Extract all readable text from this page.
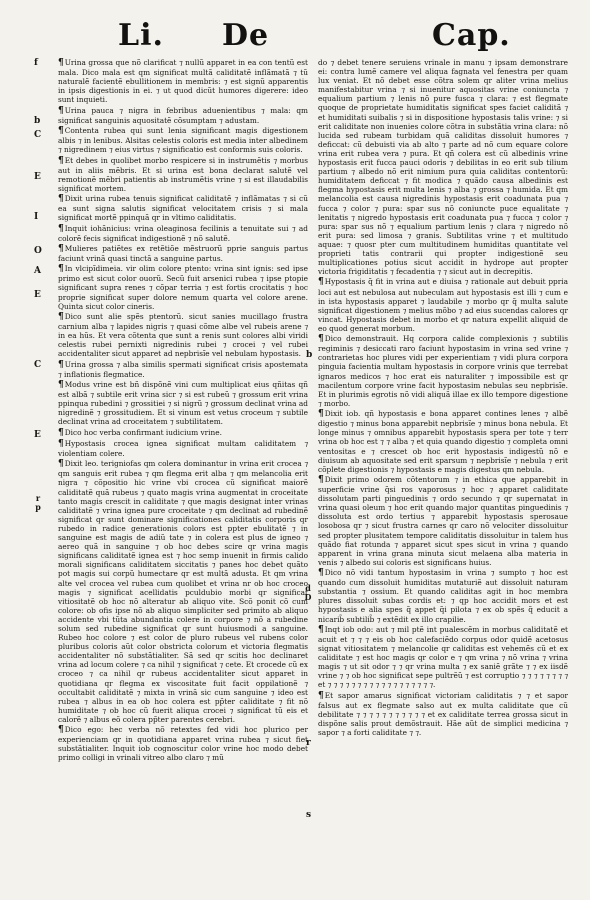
Li. De	Cap.
f
b
C
E
I
O
A
E
C
E
r
p
b
d
D
r
s

¶Urina grossa que nõ clarificat ⁊ nullũ apparet in ea con tentũ est mala. Dico mala est qm significat multã caliditatẽ inflãmatã ⁊ tũ naturalẽ facientẽ ebullitionem in membris: ⁊ est signũ apparentis in ipsis digestionis in ei. ⁊ ut quod dicũt humores digerere: ideo sunt inquieti.

¶Urina pauca ⁊ nigra in febribus aduenientibus ⁊ mala: qm significat sanguinis aquositatẽ cõsumptam ⁊ adustam.

¶Contenta rubea qui sunt lenia significant magis digestionem albis ⁊ in lenibus. Alsitas celestis coloris est media inter albedinem ⁊ nigredinem ⁊ eius virtus ⁊ significatio est conformis suis coloris.

¶Et debes in quolibet morbo respicere si in instrumẽtis ⁊ morbus aut in aliis mẽbris. Et si urina est bona declarat salutẽ vel remotionẽ mẽbri patientis ab instrumẽtis vrine ⁊ si est illaudabilis significat mortem.

¶Dixit urina rubea tenuis significat caliditatẽ ⁊ inflãmatas ⁊ si cũ ea sunt signa salutis significat velocitatem crisis ⁊ si mala significat mortẽ ppinquã qr in vltimo caliditatis.

¶Inquit iohãnicius: vrina oleaginosa fecilinis a tenuitate sui ⁊ ad colorẽ fecis significat indigestionẽ ⁊ nõ salutẽ.

¶Mulieres patiẽtes ex retẽtiõe mẽstruorũ pprie sanguis partus faciunt vrinã quasi tinctã a sanguine partus.

¶In vlcipĩdimeia. vir olim colore ptento: vrina sint ignis: sed ipse primo est sicut color ouorũ. Secũ fuit arsenici rubea ⁊ ipse ptopie significant supra renes ⁊ cõpar terria ⁊ est fortis crocitatis ⁊ hoc proprie significat super dolore nemum quarta vel colore arene. Quinta sicut color cineris.

¶Dico sunt alie spẽs ptentorũ. sicut sanies mucillago frustra carnium alba ⁊ lapides nigris ⁊ quasi cõme albe vel rubeis arene ⁊ in ea hũs. Et vera cõtenta que sunt a renis sunt colores albi viridi celestis rubei pernixti nigredinis rubei ⁊ crocei ⁊ vel rubei accidentaliter sicut apparet ad nepbrisĩe vel nebulam hypostasis.

¶Urina grossa ⁊ alba similis spermati significat crisis apostemata ⁊ inflationis flegmatice.

¶Modus vrine est bñ dispõnẽ vini cum multiplicat eius qñitas qñ est albã ⁊ subtile erit vrina sicr ⁊ si est rubeũ ⁊ grossum erit vrina ppinqua rubedini ⁊ grossitiei ⁊ si nigrũ ⁊ grossum declinat vrina ad nigredinẽ ⁊ grossitudiem. Et si vinum est vetus croceum ⁊ subtile declinat vrina ad croceitatem ⁊ subtilitatem.

¶Dico hoc verba confirmant iudicium vrine.

¶Hypostasis crocea ignea significat multam caliditatem ⁊ violentiam colere.

¶Dixit leo. terigniofas qm colera dominantur in vrina erit crocea ⁊ qm sanguis erit rubea ⁊ qm flegma erit alba ⁊ qm melancolia erit nigra ⁊ cõpositio hic vrine vbi crocea cũ significat maiorẽ caliditatẽ quã rubeus ⁊ quato magis vrina augmentat in croceitate tanto magis crescit in caliditate ⁊ que magis designat inter vrinas caliditatẽ ⁊ vrina ignea pure croceitate ⁊ qm declinat ad rubedinẽ significat qr sunt dominare significationes caliditatis corporis qr rubedo in radice generationis colors est ppter ebulitatẽ ⁊ in sanguine est magis de adiũ tate ⁊ in colera est plus de igneo ⁊ aereo quã in sanguine ⁊ ob hoc debes scire qr vrina magis significans caliditatẽ ignea est ⁊ hoc semp inuenit in firmis calido morali significans caliditatem siccitatis ⁊ panes hoc debet quãto pot magis sui corpũ humectare qr est multã adusta. Et qm vrina alte vel crocea vel rubea cum quolibet et vrina nr ob hoc croceo magis ⁊ significat acellidatis pculdubio morbi qr significat vitiositatẽ ob hoc nõ alteratur ab aliquo vite. Scõ ponit cõ cum colore: ob ofis ipse nõ ab aliquo simpliciter sed primito ab aliquo accidente vbi tũta abundantia colere in corpore ⁊ nõ a rubedine solum sed rubedine significat qr sunt huiusmodi a sanguine. Rubeo hoc colore ⁊ est color de pluro rubeus vel rubens color pluribus coloris aũt color obstricta colorum et victoria flegmatis accidentaliter nõ substãtialiter. Sã sed qr scitis hoc declinaret vrina ad locum colere ⁊ ca nihil ⁊ significat ⁊ cete. Et crocede cũ ex croceo ⁊ ca nihil qr rubeus accidentaliter sicut apparet in quotidiana qr flegma ex viscositate fuit facit oppilationẽ ⁊ occultabit caliditatẽ ⁊ mixta in vrinã sic cum sanguine ⁊ ideo est rubea ⁊ albus in ea ob hoc colera est pp̃ter caliditate ⁊ fit nõ humiditate ⁊ ob hoc cũ fuerit aliqua crocei ⁊ significat tũ eis et calorẽ ⁊ albus eõ colera pp̃ter parentes cerebri.

¶Dico ego: hec verba nõ retextes fed vidi hoc plurico per experienciam qr in quotidiana apparet vrina rubea ⁊ sicut fiet substãtialiter. Inquit iob cognoscitur color vrine hoc modo debet primo colligi in vrinali vitreo albo claro ⁊ mũ

do ⁊ debet tenere seruiens vrinale in manu ⁊ ipsam demonstrare ei: contra lumẽ camere vel aliqua fagnata vel fenestra per quam lux veniat. Et nõ debet esse cõtra solem qr aliter vrina melius manifestabitur vrina ⁊ si inuenitur aquositas vrine coniuncta ⁊ equalium partium ⁊ lenis nõ pure fusca ⁊ clara: ⁊ est flegmate quoque de proprietate humiditatis significat spes faciet caliditã ⁊ et humiditati suibalis ⁊ si in dispositione hypostasis talis vrine: ⁊ si erit caliditate non inuenies colore cõtra in substãtia vrina clara: nõ lucida sed rubeam turbidam quã caliditas dissoluit humores ⁊ deficcat: cũ debuisti via ab alto ⁊ parte ad nõ cum equare colore vrina erit rubea vera ⁊ pura. Et qñ colera est cũ albedinis vrine hypostasis erit fucca pauci odoris ⁊ debilitas in eo erit sub tilium partium ⁊ albedo nõ erit nimium pura quia caliditas contentorũ: humiditatem deficcat ⁊ fit modica ⁊ quãdo causa albedinis est flegma hypostasis erit multa lenis ⁊ alba ⁊ grossa ⁊ humida. Et qm melancolia est causa nigredinis hypostasis erit coadunata pua ⁊ fucca ⁊ color ⁊ pura: spar sus nõ coniuncte puce equalitate ⁊ lenitatis ⁊ nigredo hypostasis erit coadunata pua ⁊ fucca ⁊ color ⁊ pura: spar sus nõ ⁊ equalium partium lenis ⁊ clara ⁊ nigredo nõ erit pura: sed limosa ⁊ granis. Subtilitas vrine ⁊ et multitudo aquae: ⁊ quosr pter cum multitudinem humiditas quantitate vel proprieti tatis contrarii qui propter indigestionẽ seu multiplicationes potius sicut accidit in hydrope aut propter victoria frigiditatis ⁊ fecadentia ⁊ ⁊ sicut aut in decrepitis.

¶Hypostasis q̃ fit in vrina aut e diuisa ⁊ rationale aut debuit ppria loci aut est nebulosa aut nubeculam aut hypostasis est illi ⁊ cum e in ista hypostasis apparet ⁊ laudabile ⁊ morbo qr q̃ multa salute significat digestionem ⁊ melius mõbo ⁊ ad eius sucendas calores qr vincat. Hypostasis debet in morbo et qr natura expellit aliquid de eo quod generat morbum.

¶Dico demonstrauit. Hq corpora calide complexionis ⁊ subtilis regiminis ⁊ desiccati raro faciunt hypostasim in vrina sed vrine ⁊ contrarietas hoc plures vidi per experientiam ⁊ vidi plura corpora pinguia facientia multam hypostasis in corpore vrinis que terrebat ignaros medicos ⁊ hoc erat eis naturaliter ⁊ impossibile est qr macilentum corpore vrine facit hypostasim nebulas seu nepbrisĩe. Et in plurimis egrotis nõ vidi aliquã illae ex illo tempore digestione ⁊ morbo.

¶Dixit iob. qñ hypostasis e bona apparet contines lenes ⁊ albẽ digestio ⁊ minus bona apparebit nepbrisĩe ⁊ minus bona nebula. Et longe minus ⁊ omnibus apparebit hypostasis spera per tote ⁊ terr vrina ob hoc est ⁊ ⁊ alba ⁊ et quia quando digestio ⁊ completa omni ventositas e ⁊ crescet ob hoc erit hypostasis indigestũ nõ e diuisum ab aquositate sed erit sparsum ⁊ nepbrisĩe ⁊ nebula ⁊ erit cõplete digestionis ⁊ hypostasis e magis digestus qm nebula.

¶Dixit primo odorem cõtentorum ⁊ in ethica que apparebit in superficie vrine q̃si ros vaporosus ⁊ hoc ⁊ apparet caliditate dissolutam parti pinguedinis ⁊ ordo secundo ⁊ qr supernatat in vrina quasi oleum ⁊ hoc erit quando major quantitas pinguedinis ⁊ dissoluta est ordo tertius ⁊ apparebit hypostasis sperosaue losobosa qr ⁊ sicut frustra carnes qr caro nõ velociter dissoluitur sed propter plusitatem tempore caliditatis dissoluitur in talem hus quãdo fiat rotunda ⁊ apparet sicut spes sicut in vrina ⁊ quando apparent in vrina grana minuta sicut melaena alba materia in venis ⁊ albedo sui coloris est significans huius.

¶Dico nõ vidi tantum hypostasim in vrina ⁊ sumpto ⁊ hoc est quando cum dissoluit humiditas mutaturiẽ aut dissoluit naturam substantia ⁊ ossium. Et quando caliditas agit in hoc membra plures dissoluit subas cordis et: ⁊ qp hoc accidit mors et est hypostasis e alia spes q̃ appet q̃i pilota ⁊ ex ob spẽs q̃ educit a nicarib̃ subtilib̃ ⁊ extẽdit ex illo crapilie.

¶Inqt iob odo: aut ⁊ mil ptẽ int pualescẽm in morbus caliditatẽ et acuit et ⁊ ⁊ ⁊ eis ob hoc calefaciẽdo corpus odor quidẽ acetosus signat vitiositatem ⁊ melancolie qr caliditas est vehemẽs cũ et ex caliditate ⁊ est hoc magis qr color e ⁊ qm vrina ⁊ nõ vrina ⁊ vrina magis ⁊ ut sit odor ⁊ ⁊ qr vrina multa ⁊ ex saniẽ grãte ⁊ ⁊ ex iisdẽ vrine ⁊ ⁊ ob hoc significat sepe pultrẽũ ⁊ est corruptio ⁊ ⁊ ⁊ ⁊ ⁊ ⁊ ⁊ ⁊ et ⁊ ⁊ ⁊ ⁊ ⁊ ⁊ ⁊ ⁊ ⁊ ⁊ ⁊ ⁊ ⁊ ⁊ ⁊ ⁊ ⁊ ⁊.

¶Et sapor amarus significat victoriam caliditatis ⁊ ⁊ et sapor falsus aut ex flegmate salso aut ex multa caliditate que cũ debilitate ⁊ ⁊ ⁊ ⁊ ⁊ ⁊ ⁊ ⁊ ⁊ ⁊ ⁊ et ex caliditate terrea grossa sicut in dispõne salis prout demõstrauit. Hãe aũt de simplici medicina ⁊ sapor ⁊ a forti caliditate ⁊ ⁊.
